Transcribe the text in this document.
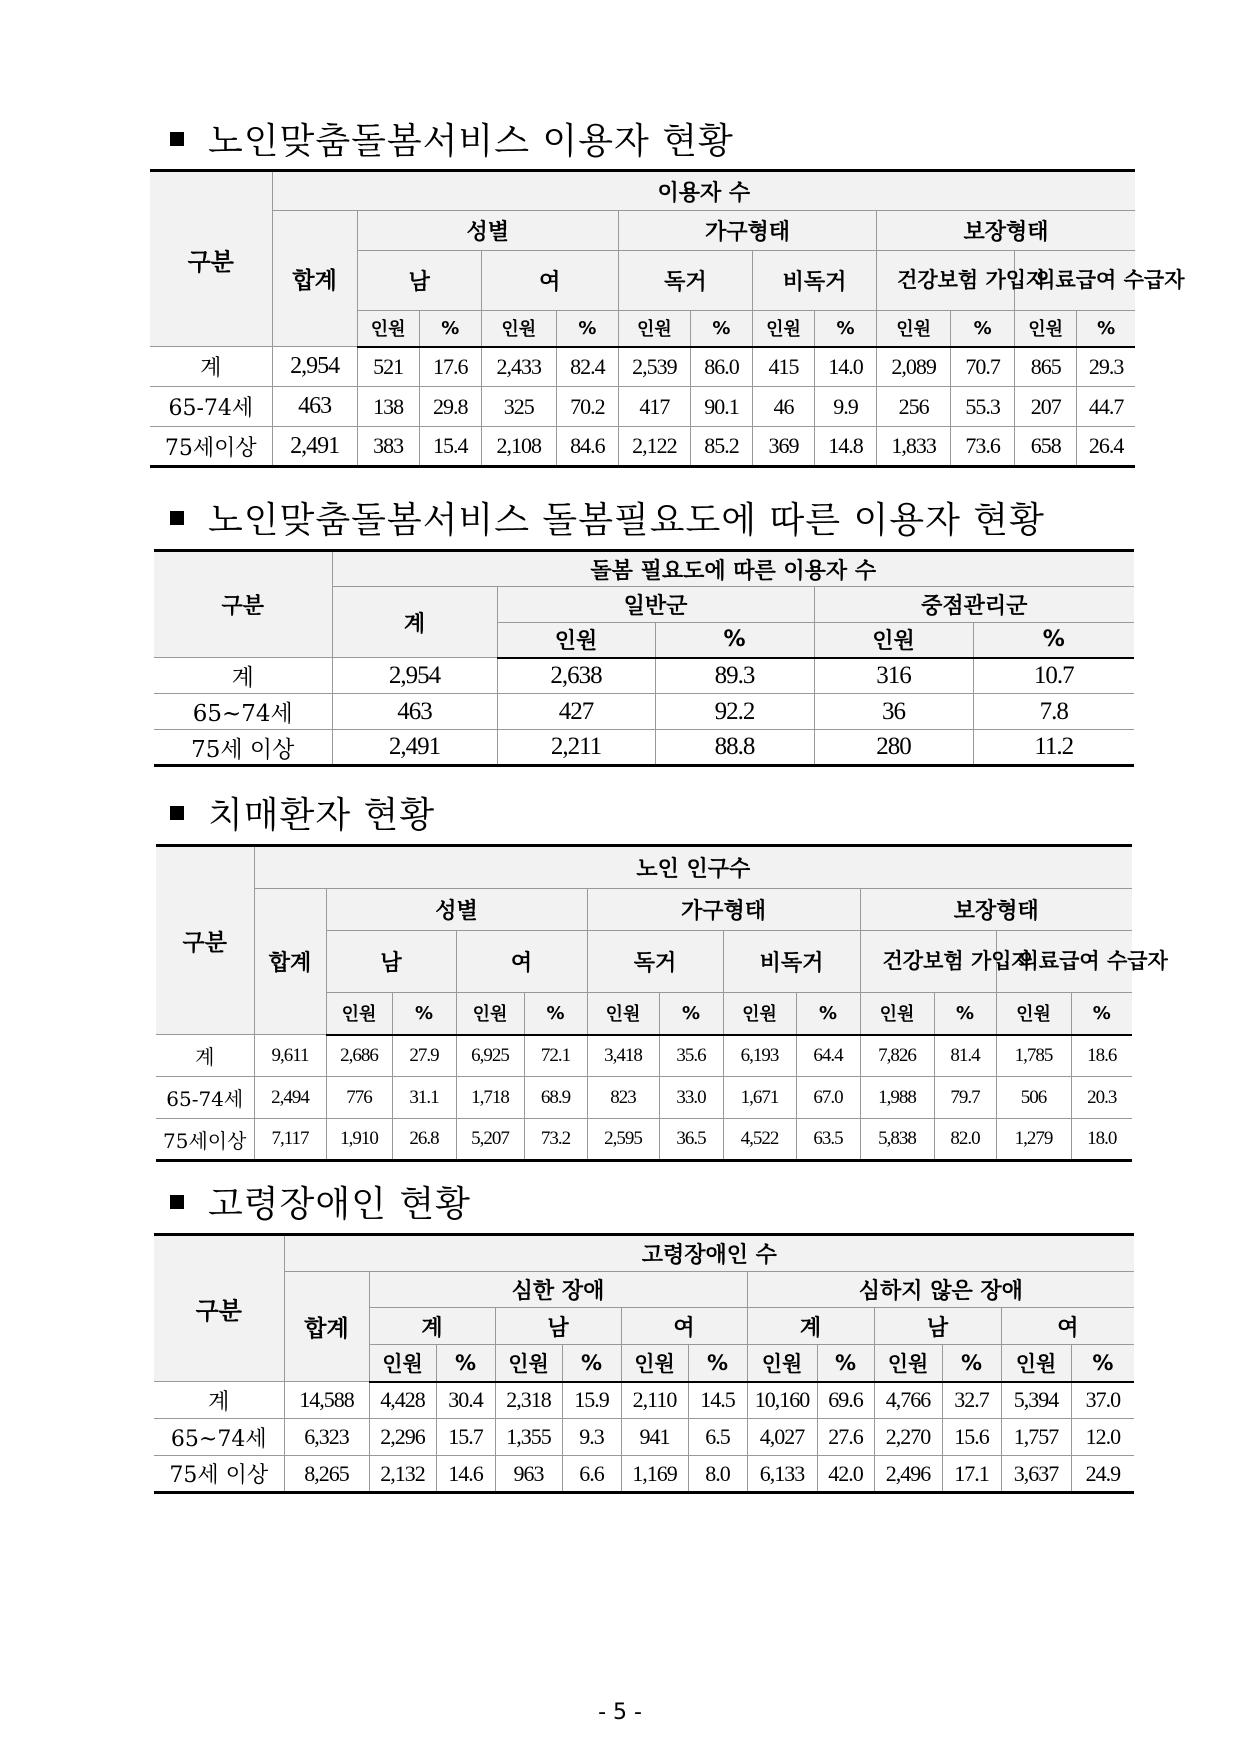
노인맞춤돌봄서비스 이용자 현황
구분	이용자 수												
	합계	성별				가구형태				보장형태			
		남		여		독거		비독거		건강보험 가입자		의료급여 수급자	
		인원	%	인원	%	인원	%	인원	%	인원	%	인원	%
계	2,954	521	17.6	2,433	82.4	2,539	86.0	415	14.0	2,089	70.7	865	29.3
65-74세	463	138	29.8	325	70.2	417	90.1	46	9.9	256	55.3	207	44.7
75세이상	2,491	383	15.4	2,108	84.6	2,122	85.2	369	14.8	1,833	73.6	658	26.4
노인맞춤돌봄서비스 돌봄필요도에 따른 이용자 현황
구분	돌봄 필요도에 따른 이용자 수				
	계	일반군		중점관리군	
		인원	%	인원	%
계	2,954	2,638	89.3	316	10.7
65~74세	463	427	92.2	36	7.8
75세 이상	2,491	2,211	88.8	280	11.2
치매환자 현황
구분	노인 인구수												
	합계	성별				가구형태				보장형태			
		남		여		독거		비독거		건강보험 가입자		의료급여 수급자	
		인원	%	인원	%	인원	%	인원	%	인원	%	인원	%
계	9,611	2,686	27.9	6,925	72.1	3,418	35.6	6,193	64.4	7,826	81.4	1,785	18.6
65-74세	2,494	776	31.1	1,718	68.9	823	33.0	1,671	67.0	1,988	79.7	506	20.3
75세이상	7,117	1,910	26.8	5,207	73.2	2,595	36.5	4,522	63.5	5,838	82.0	1,279	18.0
고령장애인 현황
구분	고령장애인 수												
	합계	심한 장애						심하지 않은 장애					
		계		남		여		계		남		여	
		인원	%	인원	%	인원	%	인원	%	인원	%	인원	%
계	14,588	4,428	30.4	2,318	15.9	2,110	14.5	10,160	69.6	4,766	32.7	5,394	37.0
65~74세	6,323	2,296	15.7	1,355	9.3	941	6.5	4,027	27.6	2,270	15.6	1,757	12.0
75세 이상	8,265	2,132	14.6	963	6.6	1,169	8.0	6,133	42.0	2,496	17.1	3,637	24.9
- 5 -
